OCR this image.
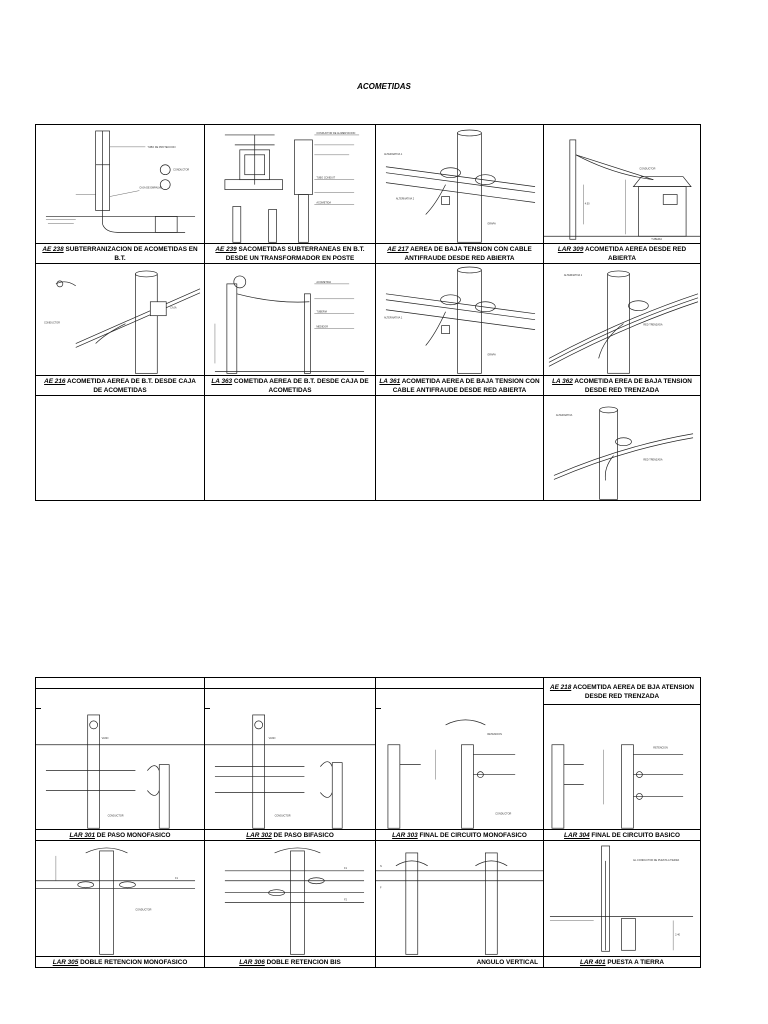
ACOMETIDAS
TUBO DE PROTECCION
CONDUCTOR
CAJA DE EMPALME	CONDUCTOR DE ALIMENTACION
TUBO CONDUIT
ACOMETIDA	ALTERNATIVA 1
ALTERNATIVA 2
GRAPA	4.50
CONDUCTOR
TUBERIA

AE 238 SUBTERRANIZACION DE ACOMETIDAS EN B.T.	AE 239 SACOMETIDAS SUBTERRANEAS EN B.T. DESDE UN TRANSFORMADOR EN POSTE	AE 217 AEREA DE BAJA TENSION CON CABLE ANTIFRAUDE DESDE RED ABIERTA	LAR 309 ACOMETIDA AEREA DESDE RED ABIERTA

CONDUCTOR
CAJA	ACOMETIDA
TUBERIA
MEDIDOR	ALTERNATIVA 1
GRAPA	ALTERNATIVA 1
RED TRENZADA

AE 216 ACOMETIDA AEREA DE B.T. DESDE CAJA DE ACOMETIDAS	LA 363 COMETIDA AEREA DE B.T. DESDE CAJA DE ACOMETIDAS	LA 361 ACOMETIDA AEREA DE BAJA TENSION CON CABLE ANTIFRAUDE DESDE RED ABIERTA	LA 362 ACOMETIDA EREA DE BAJA TENSION DESDE RED TRENZADA

ALTERNATIVA
RED TRENZADA

			AE 218 ACOEMTIDA AEREA DE BJA ATENSION DESDE RED TRENZADA

VANO
CONDUCTOR	VANO
CONDUCTOR	RETENCION
CONDUCTOR	RETENCION

LAR 301 DE PASO MONOFASICO	LAR 302 DE PASO BIFASICO	LAR 303 FINAL DE CIRCUITO MONOFASICO	LAR 304 FINAL DE CIRCUITO BASICO

F1
CONDUCTOR	F1
F2	N
F	EL CONDUCTOR DE PUESTA A TIERRA
2.40

LAR 305 DOBLE RETENCION MONOFASICO	LAR 306 DOBLE RETENCION BIS	ANGULO VERTICAL	LAR 401 PUESTA A TIERRA
